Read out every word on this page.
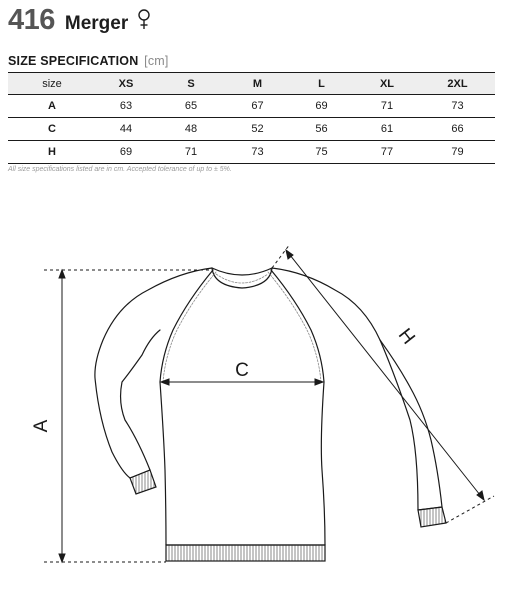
416 Merger
SIZE SPECIFICATION [cm]
size	XS	S	M	L	XL	2XL
A	63	65	67	69	71	73
C	44	48	52	56	61	66
H	69	71	73	75	77	79
All size specifications listed are in cm. Accepted tolerance of up to ± 5%.
A
C
H
